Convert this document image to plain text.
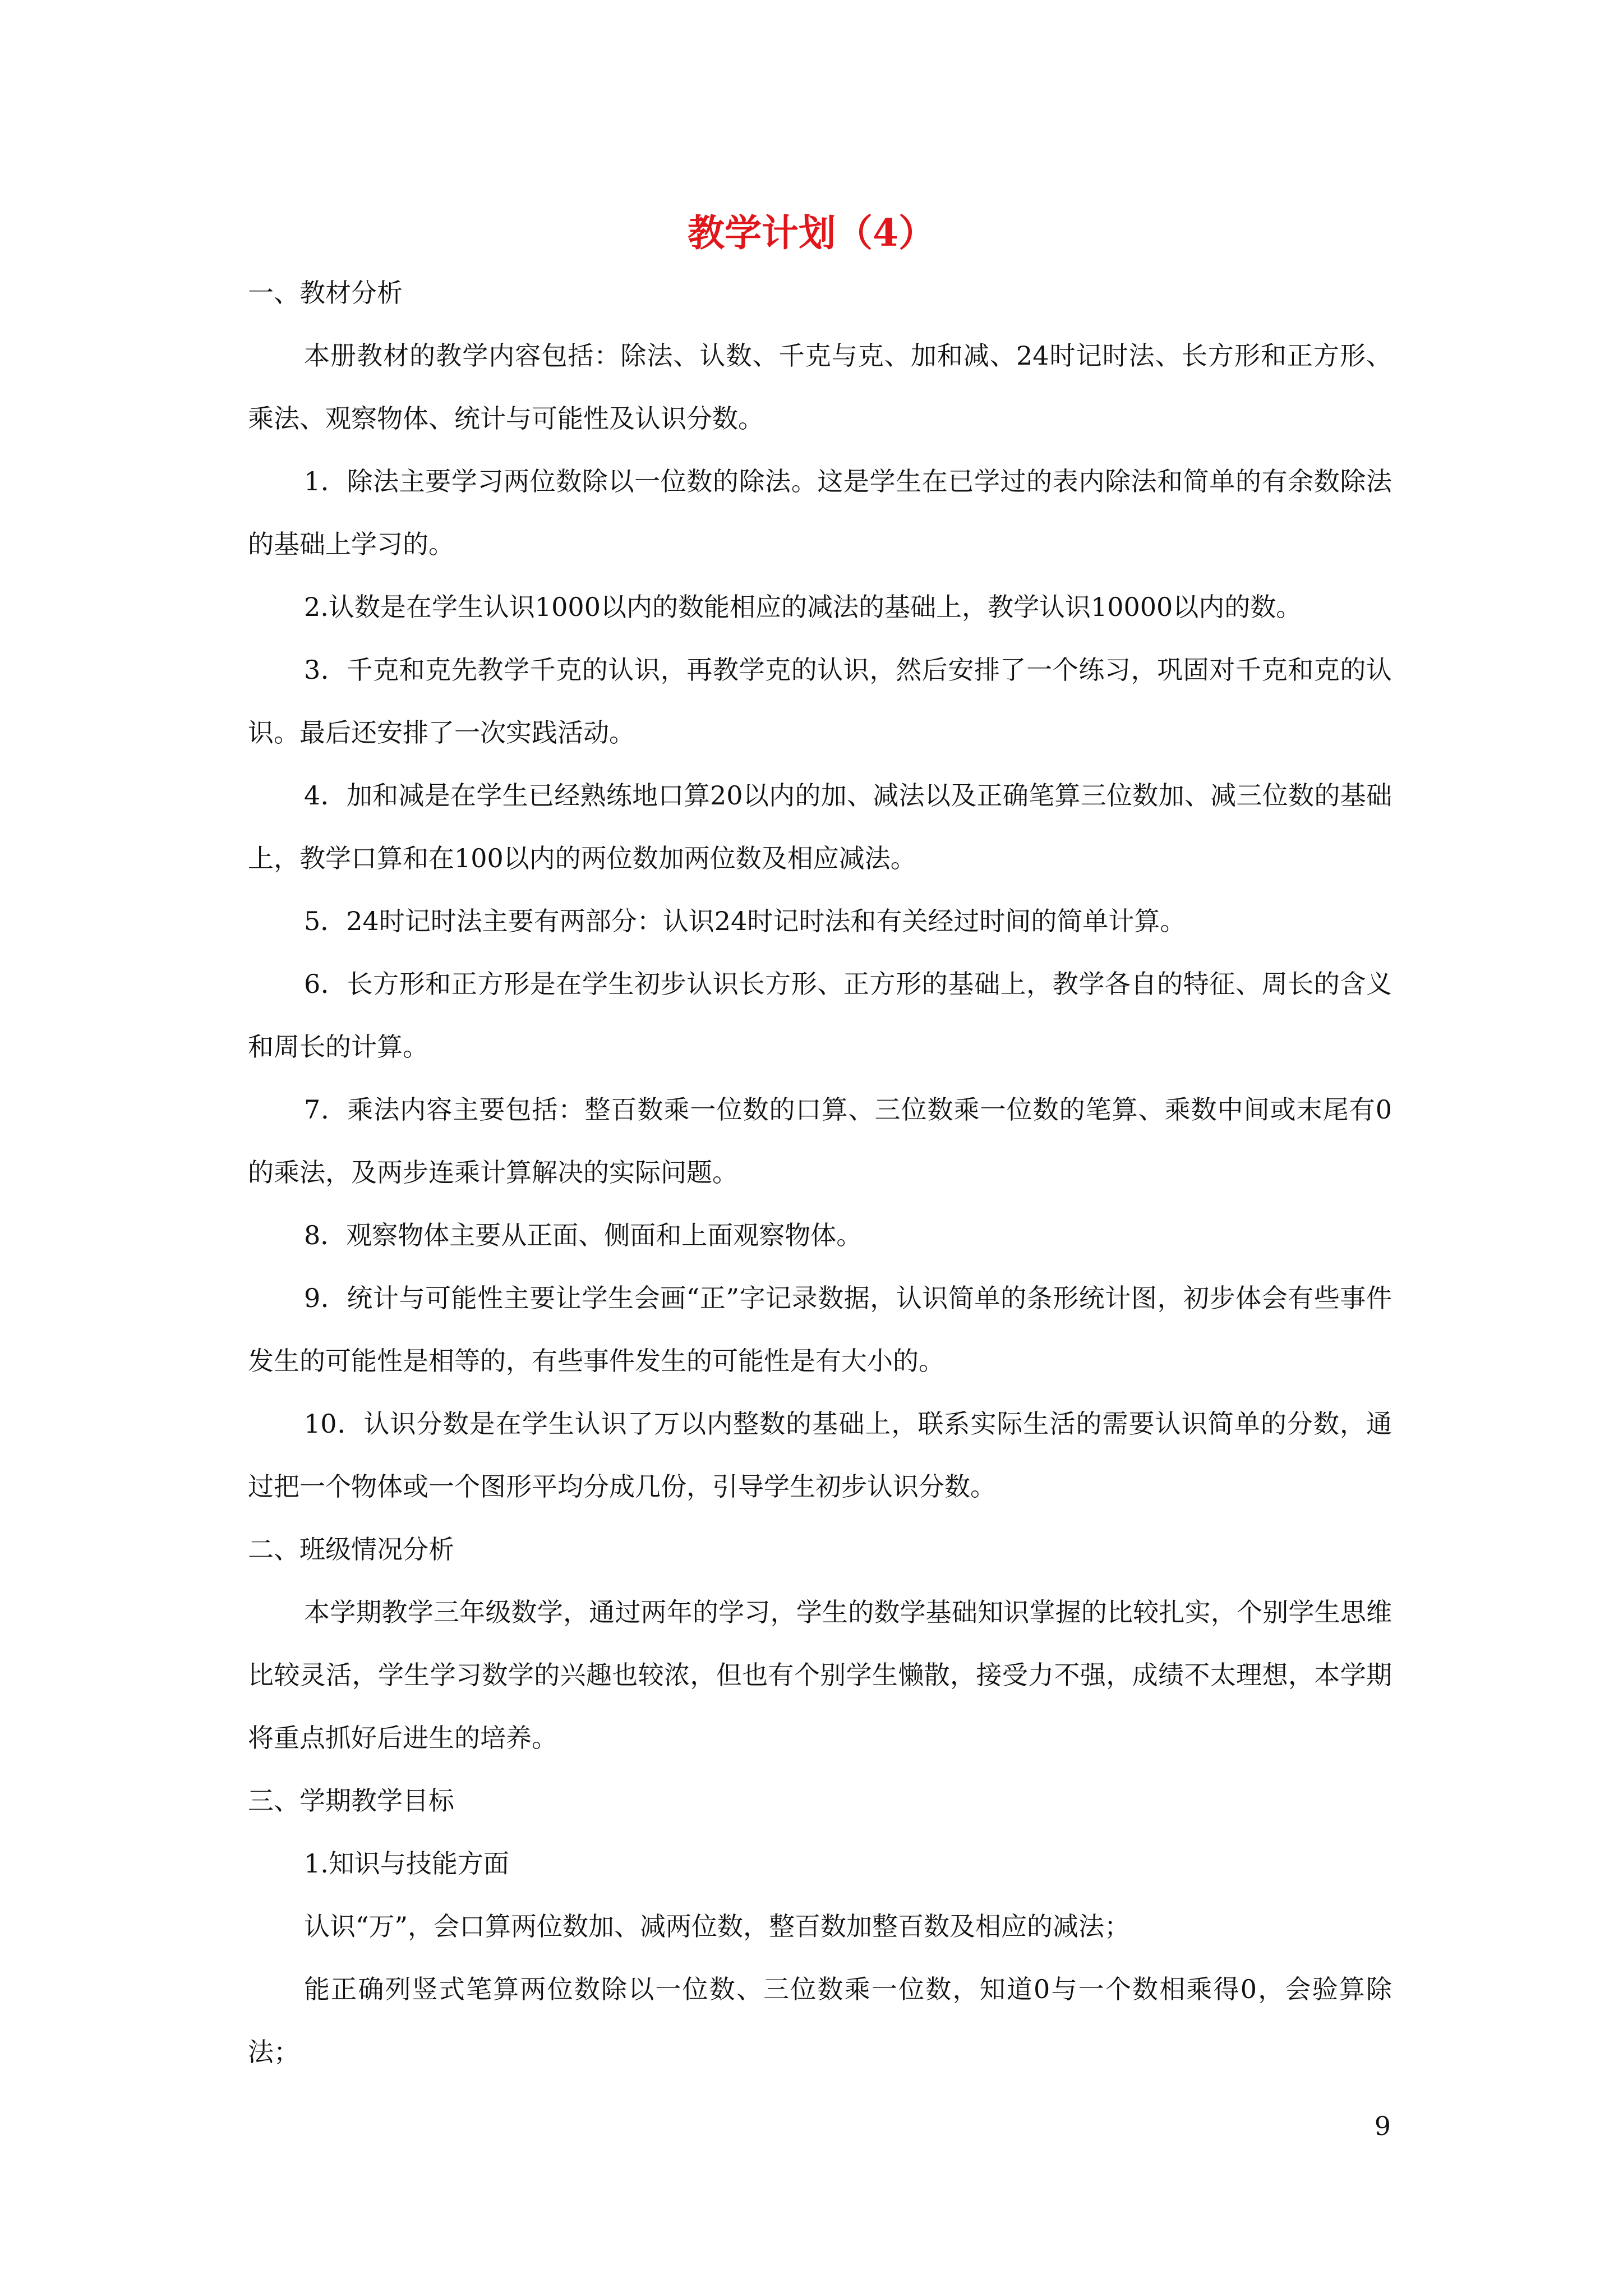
教学计划（4）

一、教材分析

本册教材的教学内容包括：除法、认数、千克与克、加和减、24时记时法、长方形和正方形、乘法、观察物体、统计与可能性及认识分数。

1．除法主要学习两位数除以一位数的除法。这是学生在已学过的表内除法和简单的有余数除法的基础上学习的。

2.认数是在学生认识1000以内的数能相应的减法的基础上，教学认识10000以内的数。

3．千克和克先教学千克的认识，再教学克的认识，然后安排了一个练习，巩固对千克和克的认识。最后还安排了一次实践活动。

4．加和减是在学生已经熟练地口算20以内的加、减法以及正确笔算三位数加、减三位数的基础上，教学口算和在100以内的两位数加两位数及相应减法。

5．24时记时法主要有两部分：认识24时记时法和有关经过时间的简单计算。

6．长方形和正方形是在学生初步认识长方形、正方形的基础上，教学各自的特征、周长的含义和周长的计算。

7．乘法内容主要包括：整百数乘一位数的口算、三位数乘一位数的笔算、乘数中间或末尾有0的乘法，及两步连乘计算解决的实际问题。

8．观察物体主要从正面、侧面和上面观察物体。

9．统计与可能性主要让学生会画“正”字记录数据，认识简单的条形统计图，初步体会有些事件发生的可能性是相等的，有些事件发生的可能性是有大小的。

10．认识分数是在学生认识了万以内整数的基础上，联系实际生活的需要认识简单的分数，通过把一个物体或一个图形平均分成几份，引导学生初步认识分数。

二、班级情况分析

本学期教学三年级数学，通过两年的学习，学生的数学基础知识掌握的比较扎实，个别学生思维比较灵活，学生学习数学的兴趣也较浓，但也有个别学生懒散，接受力不强，成绩不太理想，本学期将重点抓好后进生的培养。

三、学期教学目标

1.知识与技能方面

认识“万”，会口算两位数加、减两位数，整百数加整百数及相应的减法；

能正确列竖式笔算两位数除以一位数、三位数乘一位数，知道0与一个数相乘得0，会验算除法；

9
